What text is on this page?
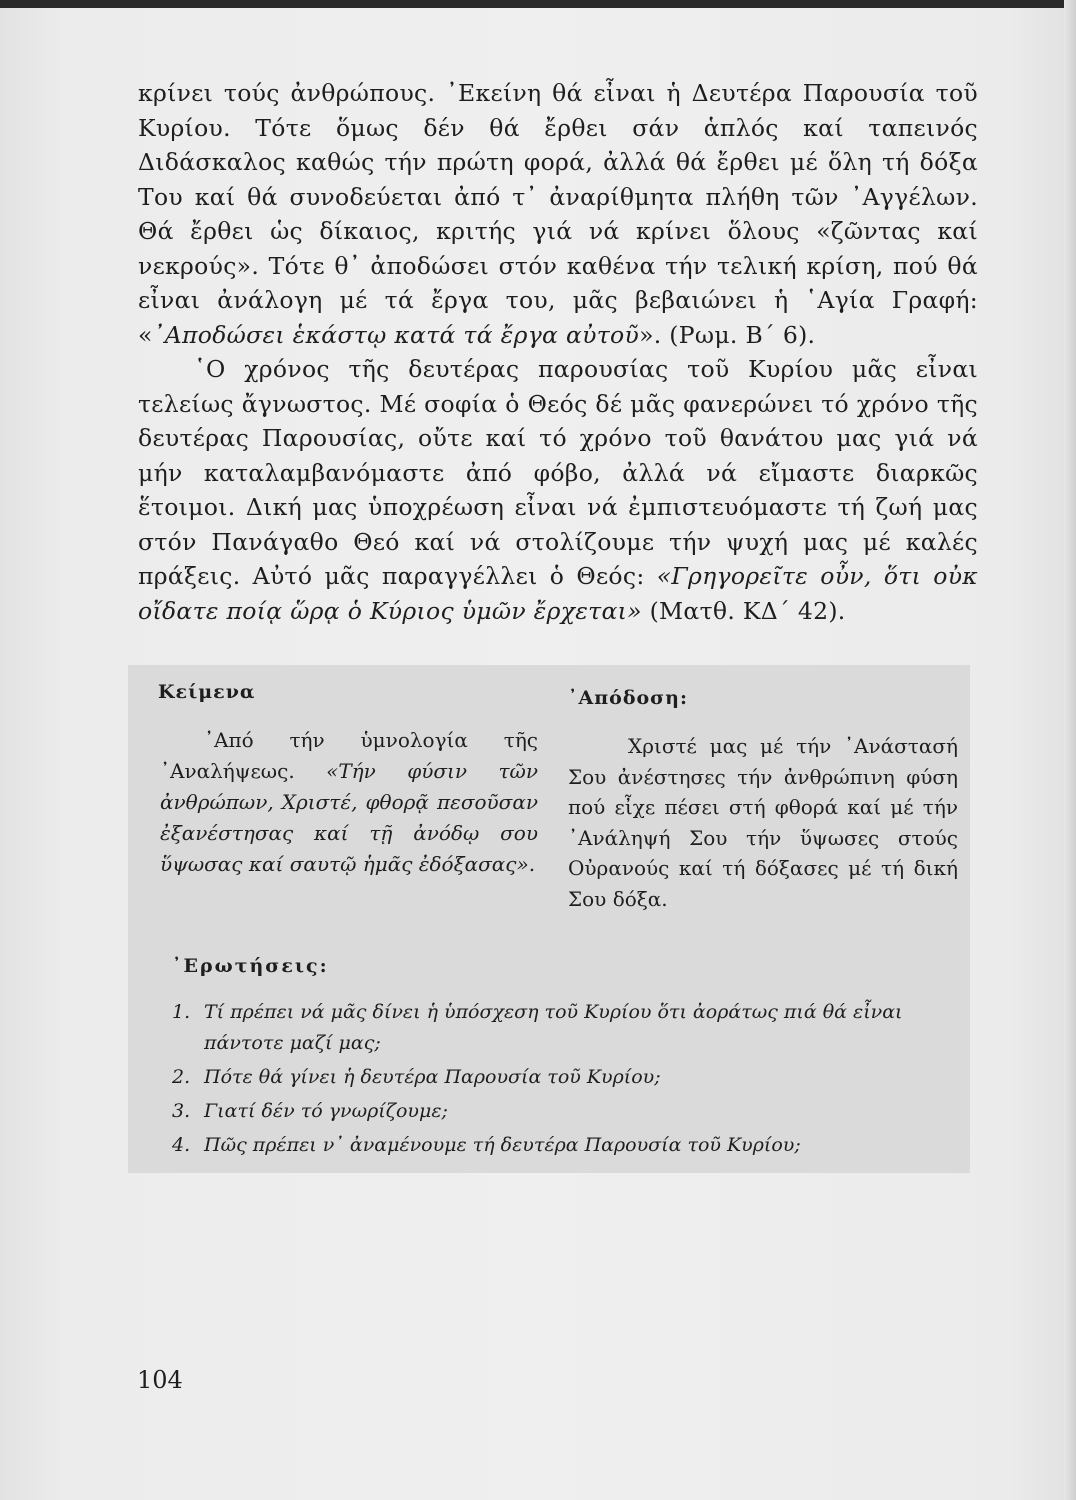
κρίνει τούς ἀνθρώπους. ᾿Εκείνη θά εἶναι ἡ Δευτέρα Παρουσία τοῦ Κυρίου. Τότε ὅμως δέν θά ἔρθει σάν ἁπλός καί ταπεινός Διδάσκαλος καθώς τήν πρώτη φορά, ἀλλά θά ἔρθει μέ ὅλη τή δόξα Του καί θά συνοδεύεται ἀπό τ᾿ ἀναρίθμητα πλήθη τῶν ᾿Αγγέλων. Θά ἔρθει ὡς δίκαιος, κριτής γιά νά κρίνει ὅλους «ζῶντας καί νεκρούς». Τότε θ᾿ ἀποδώσει στόν καθένα τήν τελική κρίση, πού θά εἶναι ἀνάλογη μέ τά ἔργα του, μᾶς βεβαιώνει ἡ ῾Αγία Γραφή: «᾿Αποδώσει ἑκάστῳ κατά τά ἔργα αὐτοῦ». (Ρωμ. Β΄ 6).

῾Ο χρόνος τῆς δευτέρας παρουσίας τοῦ Κυρίου μᾶς εἶναι τελείως ἄγνωστος. Μέ σοφία ὁ Θεός δέ μᾶς φανερώνει τό χρόνο τῆς δευτέρας Παρουσίας, οὔτε καί τό χρόνο τοῦ θανάτου μας γιά νά μήν καταλαμβανόμαστε ἀπό φόβο, ἀλλά νά εἴμαστε διαρκῶς ἕτοιμοι. Δική μας ὑποχρέωση εἶναι νά ἐμπιστευόμαστε τή ζωή μας στόν Πανάγαθο Θεό καί νά στολίζουμε τήν ψυχή μας μέ καλές πράξεις. Αὐτό μᾶς παραγγέλλει ὁ Θεός: «Γρηγορεῖτε οὖν, ὅτι οὐκ οἴδατε ποίᾳ ὥρᾳ ὁ Κύριος ὑμῶν ἔρχεται» (Ματθ. ΚΔ΄ 42).

Κείμενα
᾿Από τήν ὑμνολογία τῆς ᾿Αναλήψεως. «Τήν φύσιν τῶν ἀνθρώπων, Χριστέ, φθορᾷ πεσοῦσαν ἐξανέστησας καί τῇ ἀνόδῳ σου ὕψωσας καί σαυτῷ ἡμᾶς ἐδόξασας».
᾿Απόδοση:
Χριστέ μας μέ τήν ᾿Ανάστασή Σου ἀνέστησες τήν ἀνθρώπινη φύση πού εἶχε πέσει στή φθορά καί μέ τήν ᾿Ανάληψή Σου τήν ὕψωσες στούς Οὐρανούς καί τή δόξασες μέ τή δική Σου δόξα.
᾿Ερωτήσεις:
1. Τί πρέπει νά μᾶς δίνει ἡ ὑπόσχεση τοῦ Κυρίου ὅτι ἀοράτως πιά θά εἶναι πάντοτε μαζί μας;
2. Πότε θά γίνει ἡ δευτέρα Παρουσία τοῦ Κυρίου;
3. Γιατί δέν τό γνωρίζουμε;
4. Πῶς πρέπει ν᾿ ἀναμένουμε τή δευτέρα Παρουσία τοῦ Κυρίου;
104
